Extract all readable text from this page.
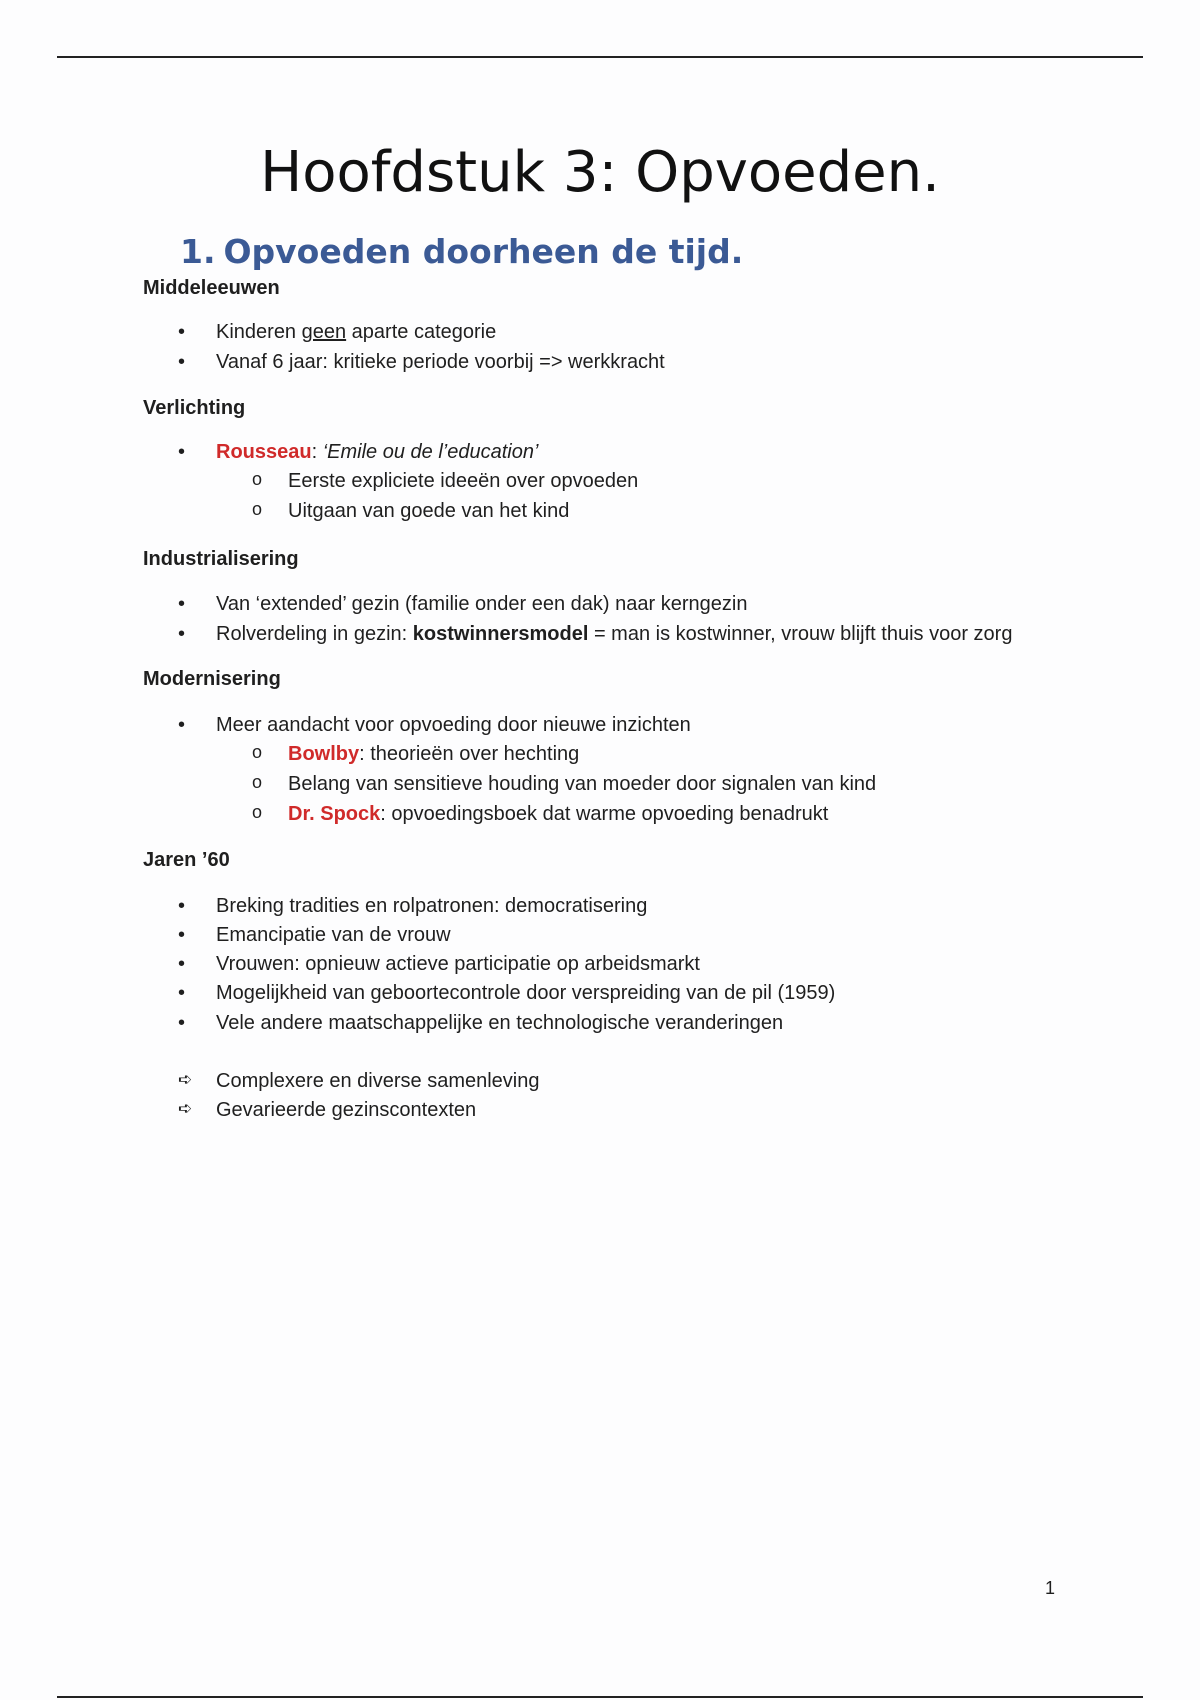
Hoofdstuk 3: Opvoeden.
1. Opvoeden doorheen de tijd.
Middeleeuwen
• Kinderen geen aparte categorie
• Vanaf 6 jaar: kritieke periode voorbij => werkkracht
Verlichting
• Rousseau: ‘Emile ou de l’education’
o Eerste expliciete ideeën over opvoeden
o Uitgaan van goede van het kind
Industrialisering
• Van ‘extended’ gezin (familie onder een dak) naar kerngezin
• Rolverdeling in gezin: kostwinnersmodel = man is kostwinner, vrouw blijft thuis voor zorg
Modernisering
• Meer aandacht voor opvoeding door nieuwe inzichten
o Bowlby: theorieën over hechting
o Belang van sensitieve houding van moeder door signalen van kind
o Dr. Spock: opvoedingsboek dat warme opvoeding benadrukt
Jaren ’60
• Breking tradities en rolpatronen: democratisering
• Emancipatie van de vrouw
• Vrouwen: opnieuw actieve participatie op arbeidsmarkt
• Mogelijkheid van geboortecontrole door verspreiding van de pil (1959)
• Vele andere maatschappelijke en technologische veranderingen
➪ Complexere en diverse samenleving
➪ Gevarieerde gezinscontexten
1
